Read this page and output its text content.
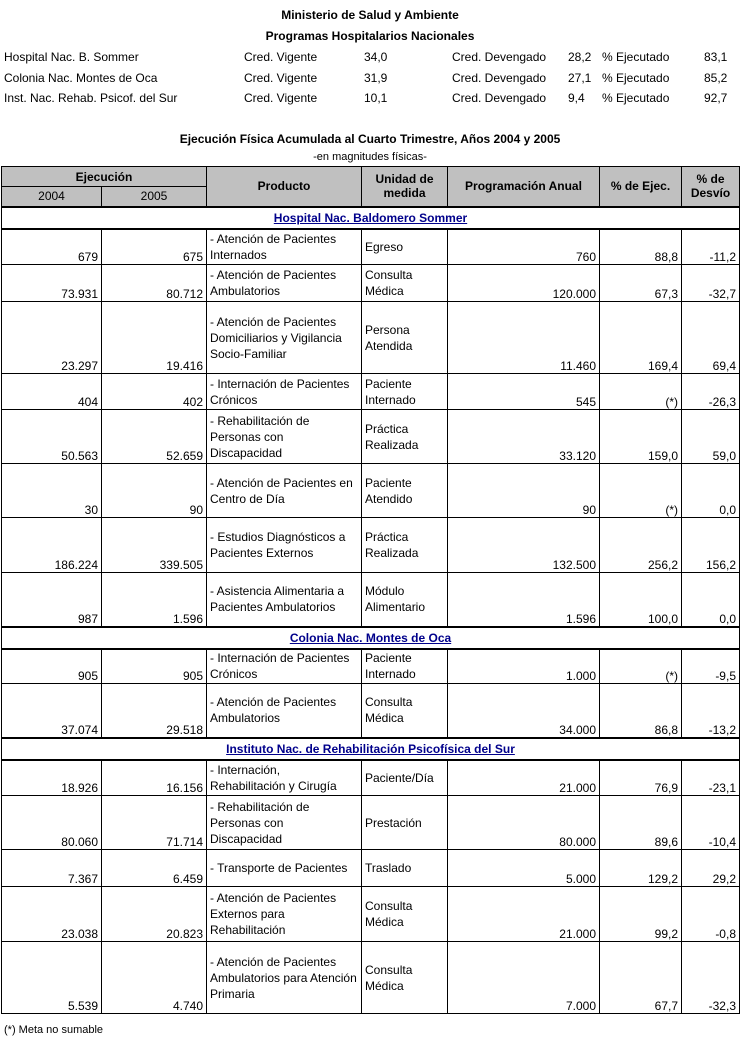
Ministerio de Salud y Ambiente
Programas Hospitalarios Nacionales
Hospital Nac. B. Sommer	Cred. Vigente	34,0	Cred. Devengado 28,2 % Ejecutado	83,1
Colonia Nac. Montes de Oca	Cred. Vigente	31,9	Cred. Devengado 27,1 % Ejecutado	85,2
Inst. Nac. Rehab. Psicof. del Sur	Cred. Vigente	10,1	Cred. Devengado 9,4 % Ejecutado	92,7
Ejecución Física Acumulada al Cuarto Trimestre, Años 2004 y 2005
-en magnitudes físicas-
Ejecución		Producto	Unidad de medida	Programación Anual	% de Ejec.	% de Desvío
2004	2005					
Hospital Nac. Baldomero Sommer						
679	675	- Atención de Pacientes Internados	Egreso	760	88,8	-11,2
73.931	80.712	- Atención de Pacientes Ambulatorios	Consulta Médica	120.000	67,3	-32,7
23.297	19.416	- Atención de Pacientes Domiciliarios y Vigilancia Socio-Familiar	Persona Atendida	11.460	169,4	69,4
404	402	- Internación de Pacientes Crónicos	Paciente Internado	545	(*)	-26,3
50.563	52.659	- Rehabilitación de Personas con Discapacidad	Práctica Realizada	33.120	159,0	59,0
30	90	- Atención de Pacientes en Centro de Día	Paciente Atendido	90	(*)	0,0
186.224	339.505	- Estudios Diagnósticos a Pacientes Externos	Práctica Realizada	132.500	256,2	156,2
987	1.596	- Asistencia Alimentaria a Pacientes Ambulatorios	Módulo Alimentario	1.596	100,0	0,0
Colonia Nac. Montes de Oca						
905	905	- Internación de Pacientes Crónicos	Paciente Internado	1.000	(*)	-9,5
37.074	29.518	- Atención de Pacientes Ambulatorios	Consulta Médica	34.000	86,8	-13,2
Instituto Nac. de Rehabilitación Psicofísica del Sur						
18.926	16.156	- Internación, Rehabilitación y Cirugía	Paciente/Día	21.000	76,9	-23,1
80.060	71.714	- Rehabilitación de Personas con Discapacidad	Prestación	80.000	89,6	-10,4
7.367	6.459	- Transporte de Pacientes	Traslado	5.000	129,2	29,2
23.038	20.823	- Atención de Pacientes Externos para Rehabilitación	Consulta Médica	21.000	99,2	-0,8
5.539	4.740	- Atención de Pacientes Ambulatorios para Atención Primaria	Consulta Médica	7.000	67,7	-32,3
(*) Meta no sumable
